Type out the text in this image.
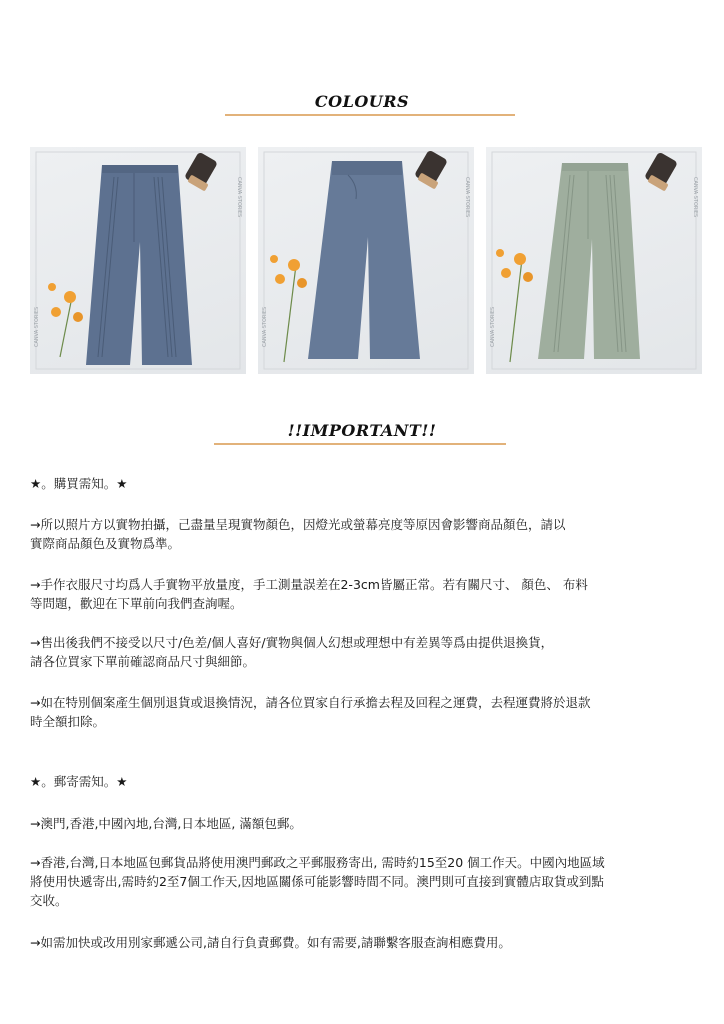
COLOURS
CANVA STORIES
CANVA STORIES
CANVA STORIES
CANVA STORIES
CANVA STORIES
CANVA STORIES
!!IMPORTANT!!

★。購買需知。★

→所以照片方以實物拍攝，己盡量呈現實物顏色，因燈光或螢幕亮度等原因會影響商品顏色，請以

實際商品顏色及實物爲準。

→手作衣服尺寸均爲人手實物平放量度，手工測量誤差在2-3cm皆屬正常。若有關尺寸、 顏色、 布料

等問題，歡迎在下單前向我們查詢喔。

→售出後我們不接受以尺寸/色差/個人喜好/實物與個人幻想或理想中有差異等爲由提供退換貨，

請各位買家下單前確認商品尺寸與細節。

→如在特別個案產生個別退貨或退換情況，請各位買家自行承擔去程及回程之運費，去程運費將於退款

時全額扣除。

★。郵寄需知。★

→澳門,香港,中國內地,台灣,日本地區, 滿額包郵。

→香港,台灣,日本地區包郵貨品將使用澳門郵政之平郵服務寄出, 需時約15至20 個工作天。中國內地區域

將使用快遞寄出,需時約2至7個工作天,因地區關係可能影響時間不同。澳門則可直接到實體店取貨或到點

交收。

→如需加快或改用別家郵遞公司,請自行負責郵費。如有需要,請聯繫客服查詢相應費用。
